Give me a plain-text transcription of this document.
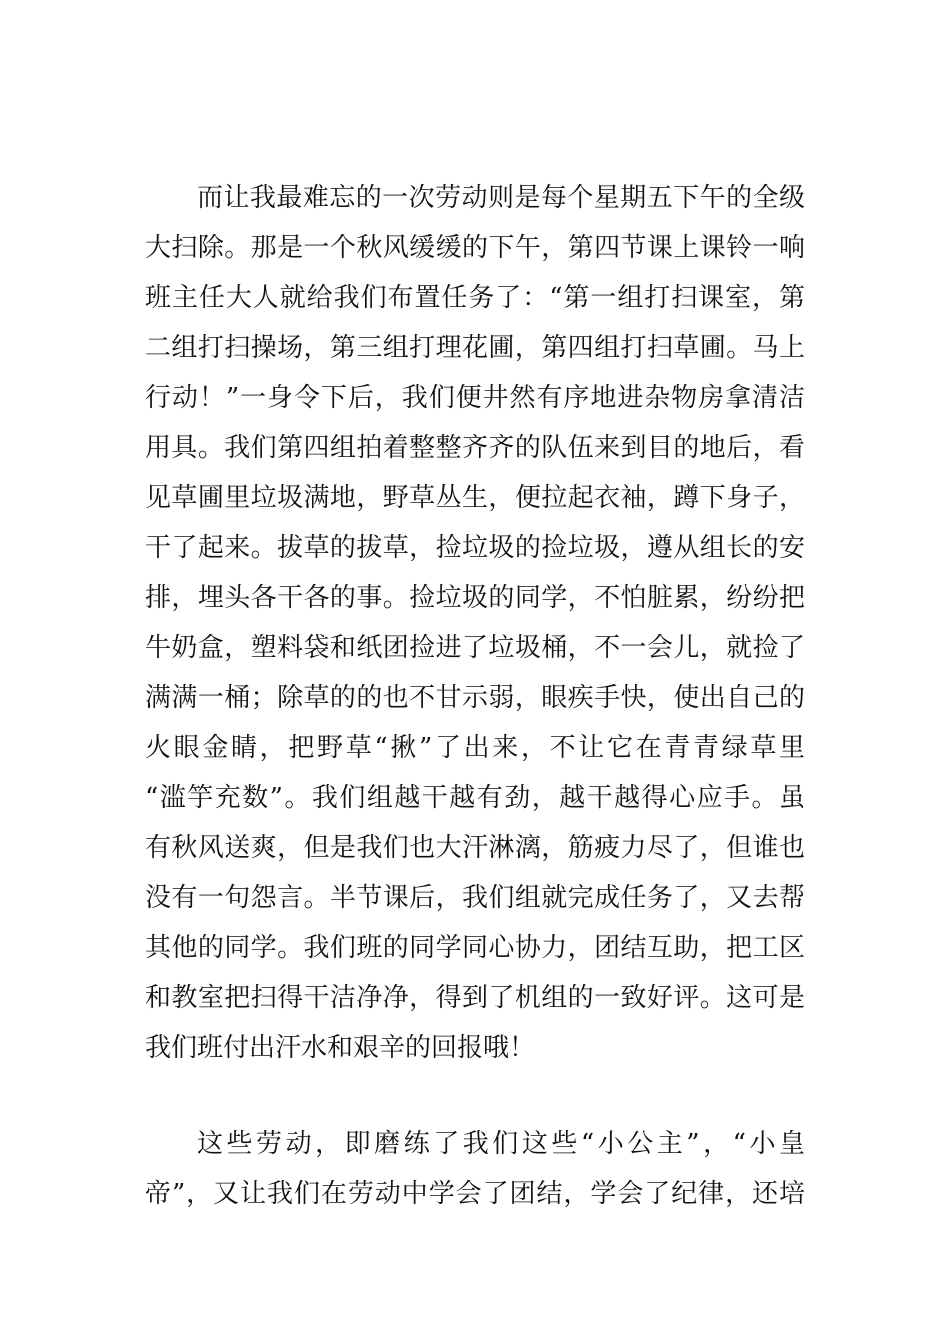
而让我最难忘的一次劳动则是每个星期五下午的全级
大扫除。那是一个秋风缓缓的下午，第四节课上课铃一响
班主任大人就给我们布置任务了：“第一组打扫课室，第
二组打扫操场，第三组打理花圃，第四组打扫草圃。马上
行动！”一身令下后，我们便井然有序地进杂物房拿清洁
用具。我们第四组拍着整整齐齐的队伍来到目的地后，看
见草圃里垃圾满地，野草丛生，便拉起衣袖，蹲下身子，
干了起来。拔草的拔草，捡垃圾的捡垃圾，遵从组长的安
排，埋头各干各的事。捡垃圾的同学，不怕脏累，纷纷把
牛奶盒，塑料袋和纸团捡进了垃圾桶，不一会儿，就捡了
满满一桶；除草的的也不甘示弱，眼疾手快，使出自己的
火眼金睛，把野草“揪”了出来，不让它在青青绿草里
“滥竽充数”。我们组越干越有劲，越干越得心应手。虽
有秋风送爽，但是我们也大汗淋漓，筋疲力尽了，但谁也
没有一句怨言。半节课后，我们组就完成任务了，又去帮
其他的同学。我们班的同学同心协力，团结互助，把工区
和教室把扫得干洁净净，得到了机组的一致好评。这可是
我们班付出汗水和艰辛的回报哦！
这些劳动，即磨练了我们这些“小公主”，“小皇
帝”，又让我们在劳动中学会了团结，学会了纪律，还培
